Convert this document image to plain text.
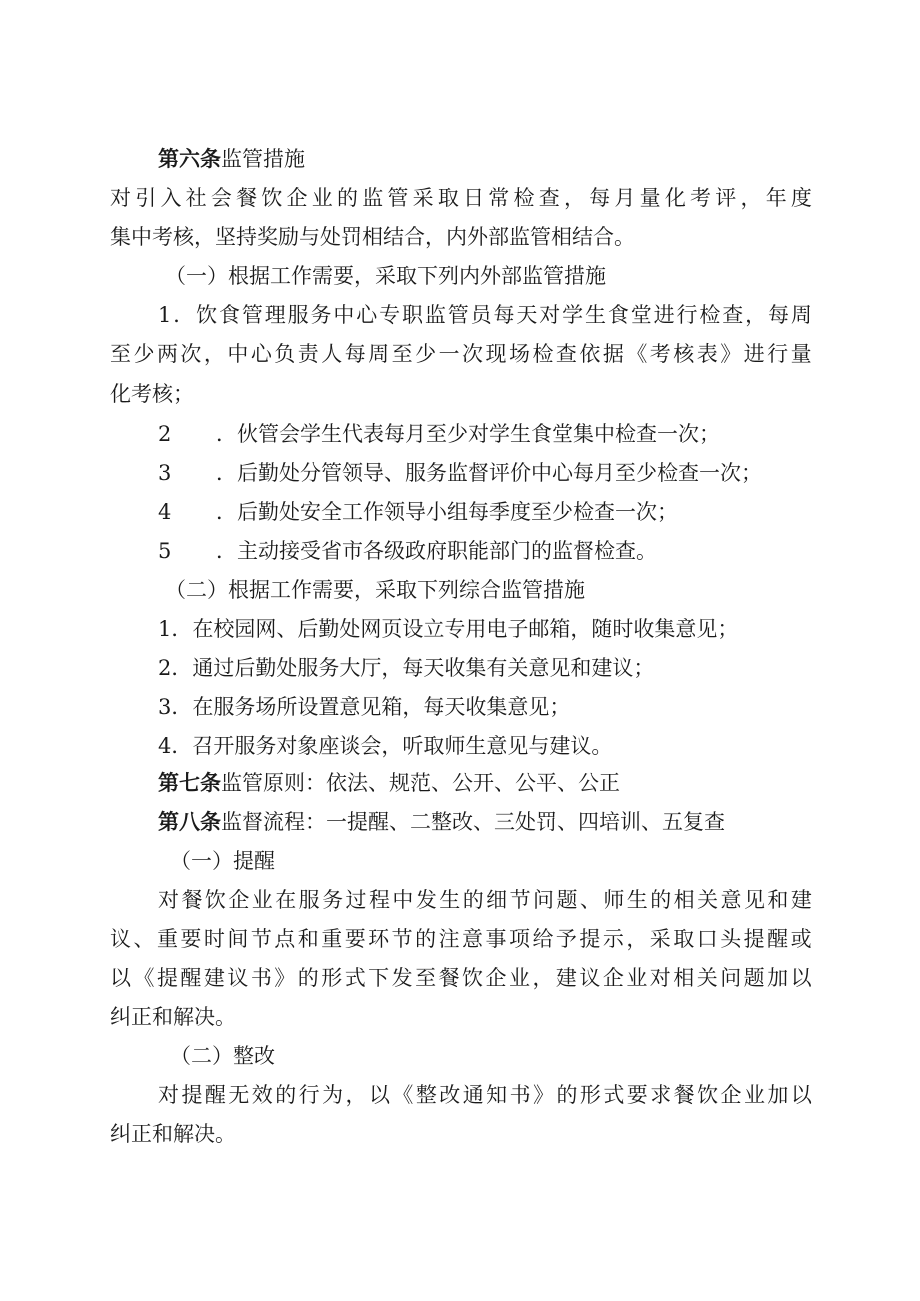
第六条监管措施
对 引 入 社 会 餐 饮 企 业 的 监 管 采 取 日 常 检 查 ， 每 月 量 化 考 评 ， 年 度
集中考核，坚持奖励与处罚相结合，内外部监管相结合。
（一）根据工作需要，采取下列内外部监管措施
1 ． 饮 食 管 理 服 务 中 心 专 职 监 管 员 每 天 对 学 生 食 堂 进 行 检 查 ， 每 周
至 少 两 次 ， 中 心 负 责 人 每 周 至 少 一 次 现 场 检 查 依 据 《 考 核 表 》 进 行 量
化考核；
2 ．伙管会学生代表每月至少对学生食堂集中检查一次；
3 ．后勤处分管领导、服务监督评价中心每月至少检查一次；
4 ．后勤处安全工作领导小组每季度至少检查一次；
5 ．主动接受省市各级政府职能部门的监督检查。
（二）根据工作需要，采取下列综合监管措施
1．在校园网、后勤处网页设立专用电子邮箱，随时收集意见；
2．通过后勤处服务大厅，每天收集有关意见和建议；
3．在服务场所设置意见箱，每天收集意见；
4．召开服务对象座谈会，听取师生意见与建议。
第七条监管原则：依法、规范、公开、公平、公正
第八条监督流程：一提醒、二整改、三处罚、四培训、五复查
（一）提醒
对 餐 饮 企 业 在 服 务 过 程 中 发 生 的 细 节 问 题 、 师 生 的 相 关 意 见 和 建
议 、 重 要 时 间 节 点 和 重 要 环 节 的 注 意 事 项 给 予 提 示 ， 采 取 口 头 提 醒 或
以 《 提 醒 建 议 书 》 的 形 式 下 发 至 餐 饮 企 业 ， 建 议 企 业 对 相 关 问 题 加 以
纠正和解决。
（二）整改
对 提 醒 无 效 的 行 为 ， 以 《 整 改 通 知 书 》 的 形 式 要 求 餐 饮 企 业 加 以
纠正和解决。
